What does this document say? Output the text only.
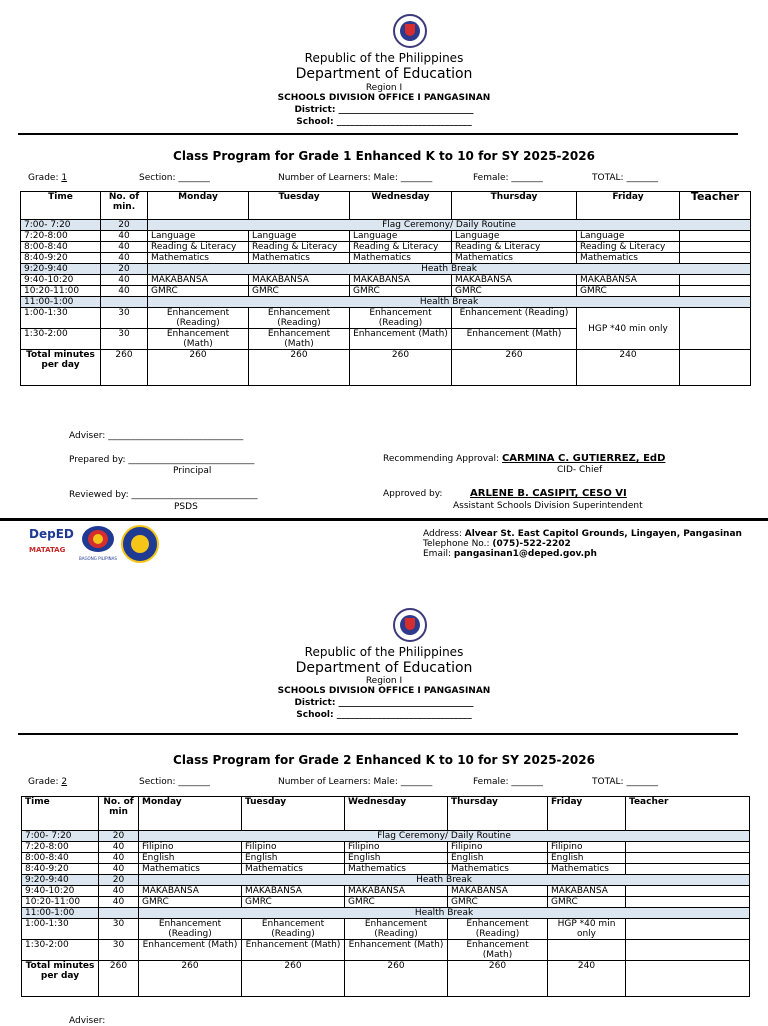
Republic of the Philippines
Department of Education
Region I
SCHOOLS DIVISION OFFICE I PANGASINAN
District: ______________________________
School: ______________________________
Class Program for Grade 1 Enhanced K to 10 for SY 2025-2026
Grade: 1	Section: _______	Number of Learners: Male: _______	Female: _______	TOTAL: _______
Time	No. of min.	Monday	Tuesday	Wednesday	Thursday	Friday	Teacher
7:00- 7:20	20	Flag Ceremony/ Daily Routine					
7:20-8:00	40	Language	Language	Language	Language	Language	
8:00-8:40	40	Reading & Literacy	Reading & Literacy	Reading & Literacy	Reading & Literacy	Reading & Literacy	
8:40-9:20	40	Mathematics	Mathematics	Mathematics	Mathematics	Mathematics	
9:20-9:40	20	Heath Break					
9:40-10:20	40	MAKABANSA	MAKABANSA	MAKABANSA	MAKABANSA	MAKABANSA	
10:20-11:00	40	GMRC	GMRC	GMRC	GMRC	GMRC	
11:00-1:00		Health Break					
1:00-1:30	30	Enhancement (Reading)	Enhancement (Reading)	Enhancement (Reading)	Enhancement (Reading)	HGP *40 min only	
1:30-2:00	30	Enhancement (Math)	Enhancement (Math)	Enhancement (Math)	Enhancement (Math)		
Total minutes per day	260	260	260	260	260	240	
Adviser: ______________________________
Prepared by: ____________________________
Principal
Reviewed by: ____________________________
PSDS
Recommending Approval: CARMINA C. GUTIERREZ, EdD
CID- Chief
Approved by:	ARLENE B. CASIPIT, CESO VI
Assistant Schools Division Superintendent
DepED
MATATAG
BAGONG PILIPINAS
Address: Alvear St. East Capitol Grounds, Lingayen, Pangasinan
Telephone No.: (075)-522-2202
Email: pangasinan1@deped.gov.ph
Republic of the Philippines
Department of Education
Region I
SCHOOLS DIVISION OFFICE I PANGASINAN
District: ______________________________
School: ______________________________
Class Program for Grade 2 Enhanced K to 10 for SY 2025-2026
Grade: 2	Section: _______	Number of Learners: Male: _______	Female: _______	TOTAL: _______
Time	No. of min	Monday	Tuesday	Wednesday	Thursday	Friday	Teacher
7:00- 7:20	20	Flag Ceremony/ Daily Routine					
7:20-8:00	40	Filipino	Filipino	Filipino	Filipino	Filipino	
8:00-8:40	40	English	English	English	English	English	
8:40-9:20	40	Mathematics	Mathematics	Mathematics	Mathematics	Mathematics	
9:20-9:40	20	Heath Break					
9:40-10:20	40	MAKABANSA	MAKABANSA	MAKABANSA	MAKABANSA	MAKABANSA	
10:20-11:00	40	GMRC	GMRC	GMRC	GMRC	GMRC	
11:00-1:00		Health Break					
1:00-1:30	30	Enhancement (Reading)	Enhancement (Reading)	Enhancement (Reading)	Enhancement (Reading)	HGP *40 min only	
1:30-2:00	30	Enhancement (Math)	Enhancement (Math)	Enhancement (Math)	Enhancement (Math)		
Total minutes per day	260	260	260	260	260	240	
Adviser:
